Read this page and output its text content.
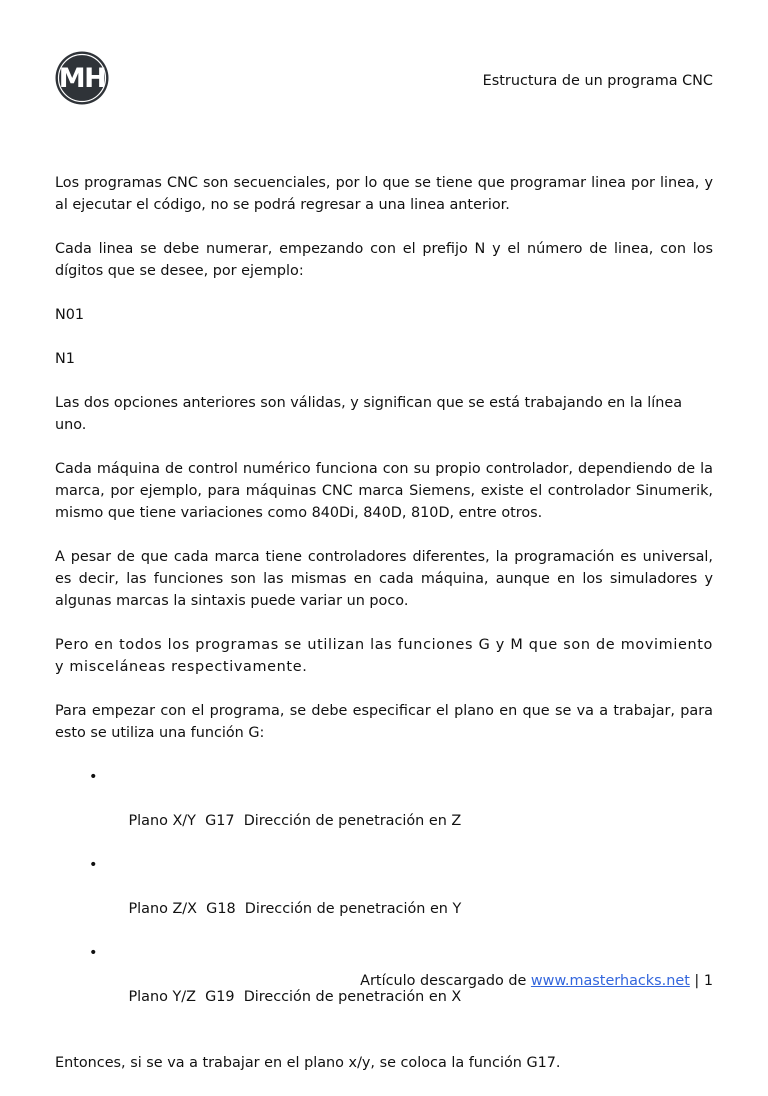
MH	Estructura de un programa CNC

Los programas CNC son secuenciales, por lo que se tiene que programar linea por linea, y al ejecutar el código, no se podrá regresar a una linea anterior.

Cada linea se debe numerar, empezando con el prefijo N y el número de linea, con los dígitos que se desee, por ejemplo:

N01

N1

Las dos opciones anteriores son válidas, y significan que se está trabajando en la línea uno.

Cada máquina de control numérico funciona con su propio controlador, dependiendo de la marca, por ejemplo, para máquinas CNC marca Siemens, existe el controlador Sinumerik, mismo que tiene variaciones como 840Di, 840D, 810D, entre otros.

A pesar de que cada marca tiene controladores diferentes, la programación es universal, es decir, las funciones son las mismas en cada máquina, aunque en los simuladores y algunas marcas la sintaxis puede variar un poco.

Pero en todos los programas se utilizan las funciones G y M que son de movimiento y misceláneas respectivamente.

Para empezar con el programa, se debe especificar el plano en que se va a trabajar, para esto se utiliza una función G:

•

Plano X/Y  G17  Dirección de penetración en Z

•

Plano Z/X  G18  Dirección de penetración en Y

•

Plano Y/Z  G19  Dirección de penetración en X

Entonces, si se va a trabajar en el plano x/y, se coloca la función G17.

Artículo descargado de www.masterhacks.net | 1
